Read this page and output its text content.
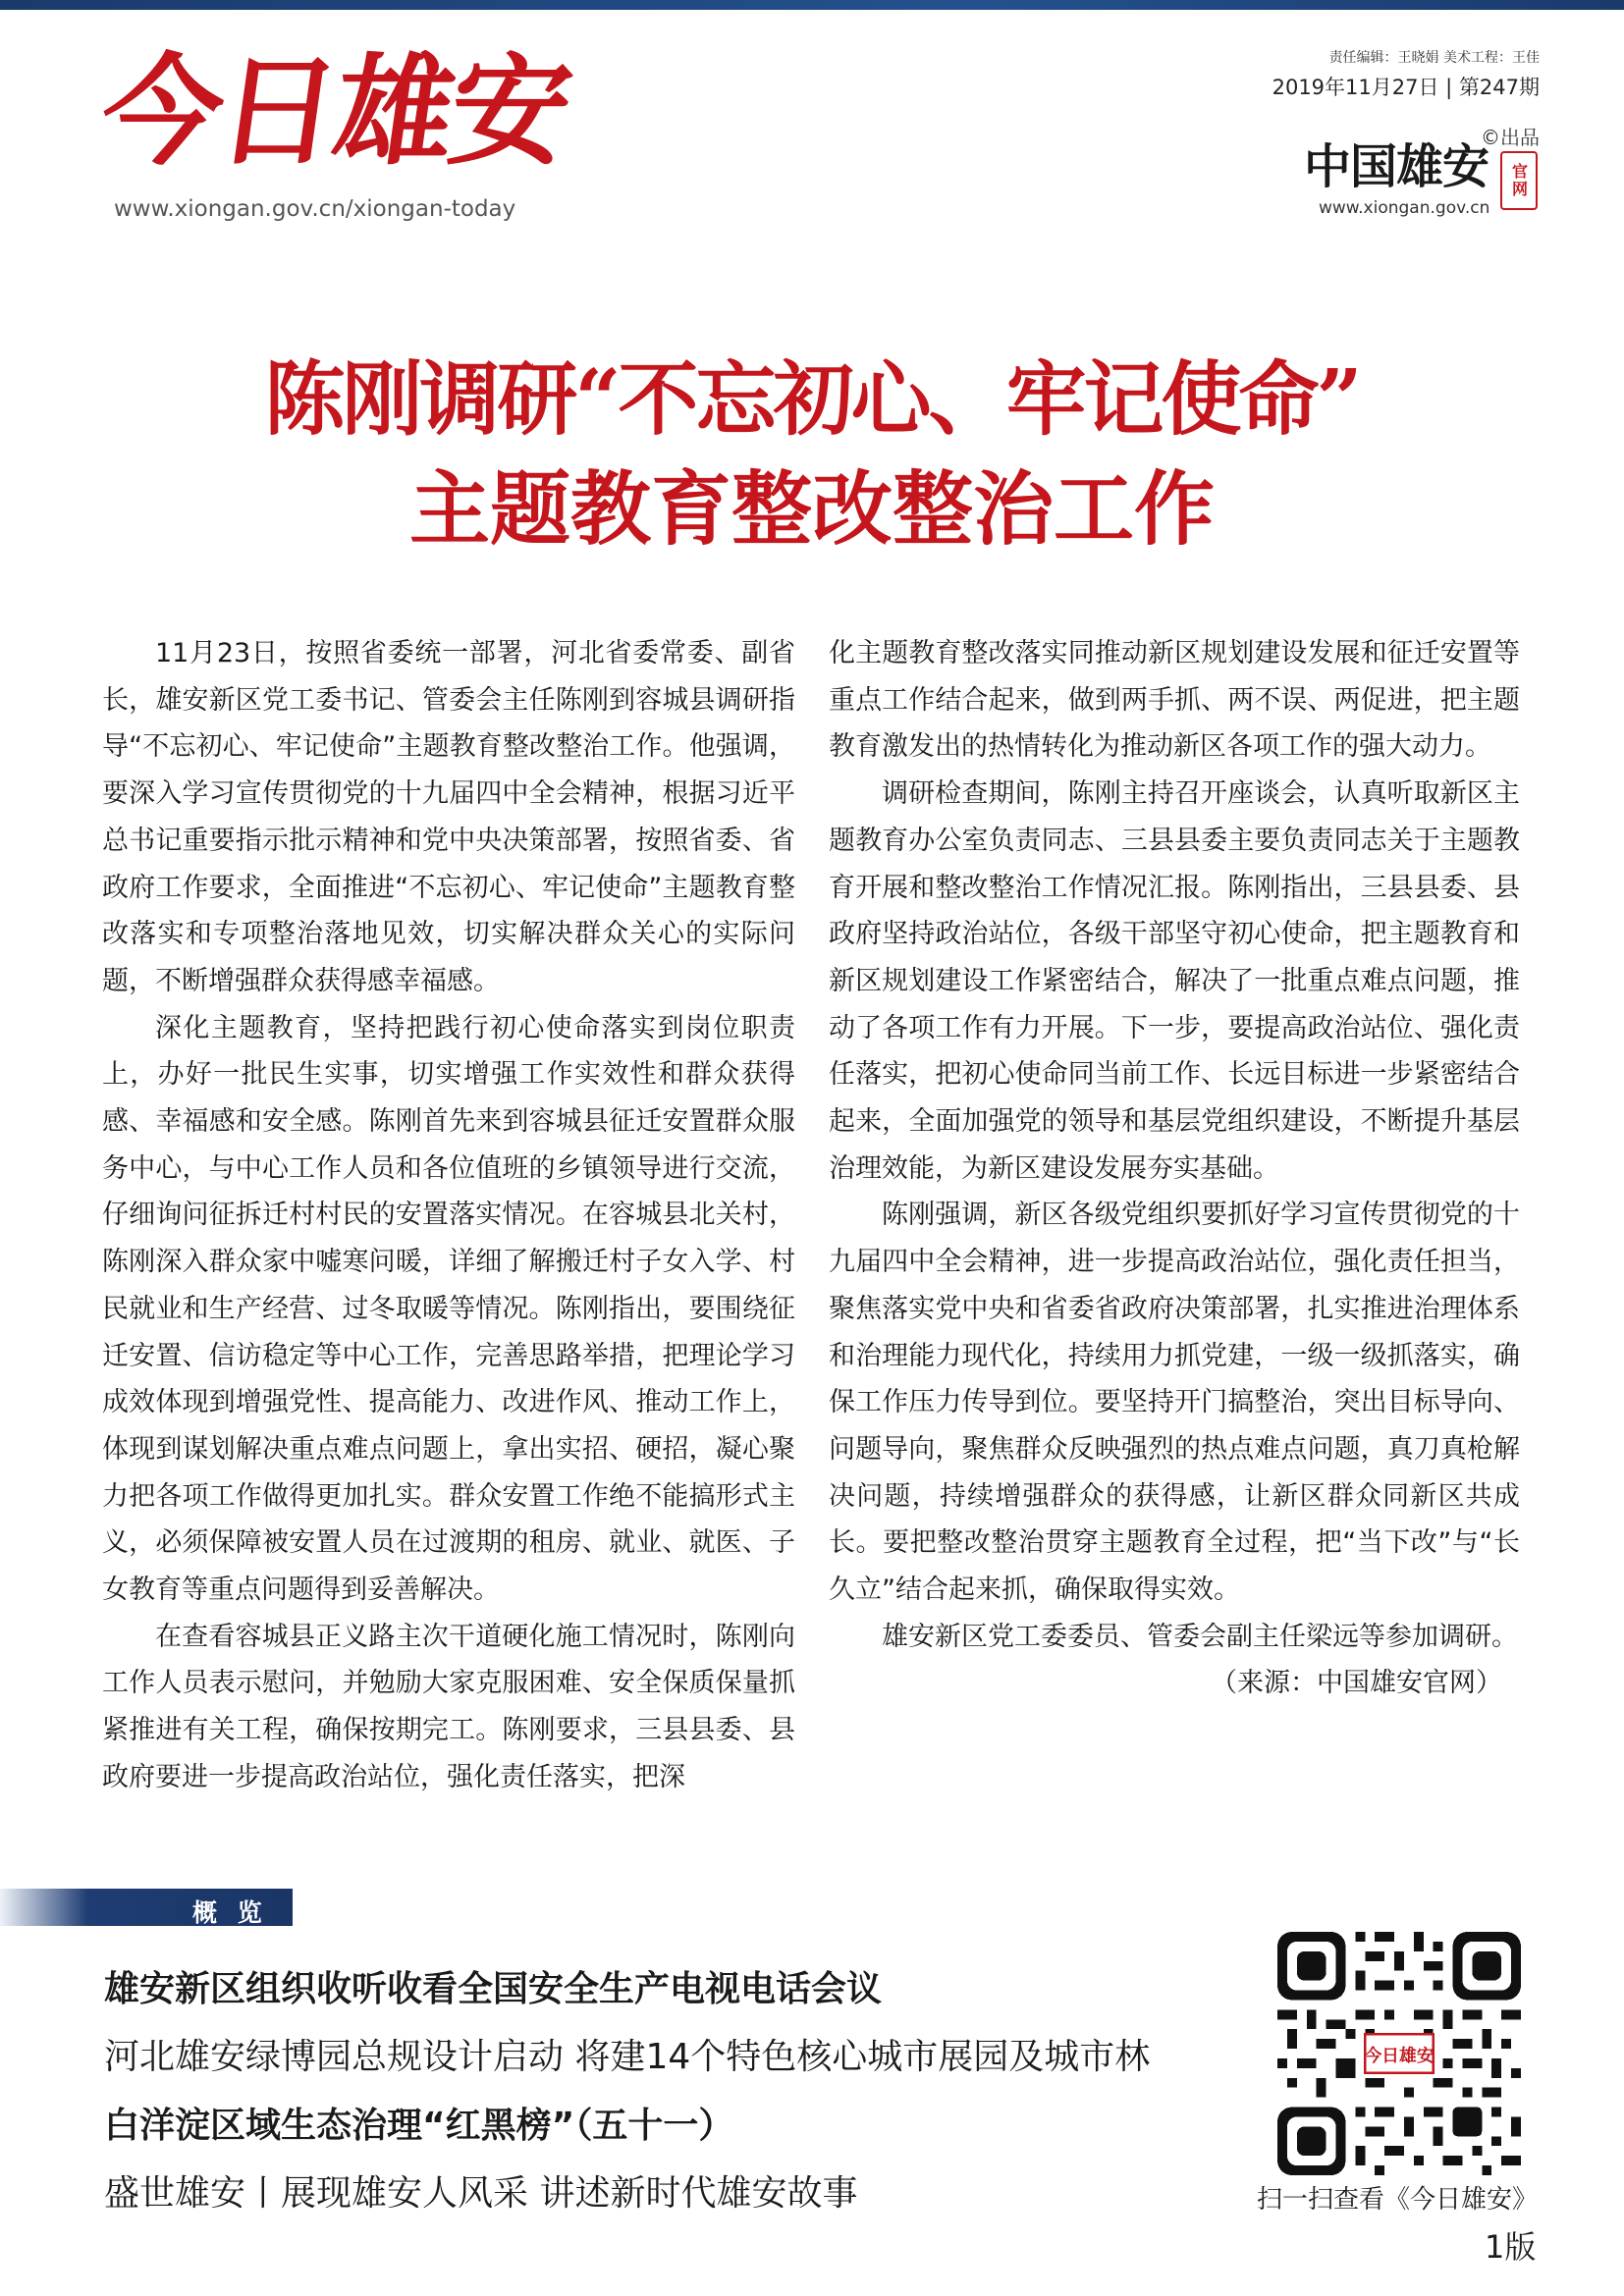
今日雄安
www.xiongan.gov.cn/xiongan-today
责任编辑：王晓娟 美术工程：王佳
2019年11月27日 | 第247期
©出品
中国雄安	官网
www.xiongan.gov.cn
陈刚调研“不忘初心、牢记使命”
主题教育整改整治工作

11月23日，按照省委统一部署，河北省委常委、副省长，雄安新区党工委书记、管委会主任陈刚到容城县调研指导“不忘初心、牢记使命”主题教育整改整治工作。他强调，要深入学习宣传贯彻党的十九届四中全会精神，根据习近平总书记重要指示批示精神和党中央决策部署，按照省委、省政府工作要求，全面推进“不忘初心、牢记使命”主题教育整改落实和专项整治落地见效，切实解决群众关心的实际问题，不断增强群众获得感幸福感。

深化主题教育，坚持把践行初心使命落实到岗位职责上，办好一批民生实事，切实增强工作实效性和群众获得感、幸福感和安全感。陈刚首先来到容城县征迁安置群众服务中心，与中心工作人员和各位值班的乡镇领导进行交流，仔细询问征拆迁村村民的安置落实情况。在容城县北关村，陈刚深入群众家中嘘寒问暖，详细了解搬迁村子女入学、村民就业和生产经营、过冬取暖等情况。陈刚指出，要围绕征迁安置、信访稳定等中心工作，完善思路举措，把理论学习成效体现到增强党性、提高能力、改进作风、推动工作上，体现到谋划解决重点难点问题上，拿出实招、硬招，凝心聚力把各项工作做得更加扎实。群众安置工作绝不能搞形式主义，必须保障被安置人员在过渡期的租房、就业、就医、子女教育等重点问题得到妥善解决。

在查看容城县正义路主次干道硬化施工情况时，陈刚向工作人员表示慰问，并勉励大家克服困难、安全保质保量抓紧推进有关工程，确保按期完工。陈刚要求，三县县委、县政府要进一步提高政治站位，强化责任落实，把深

化主题教育整改落实同推动新区规划建设发展和征迁安置等重点工作结合起来，做到两手抓、两不误、两促进，把主题教育激发出的热情转化为推动新区各项工作的强大动力。

调研检查期间，陈刚主持召开座谈会，认真听取新区主题教育办公室负责同志、三县县委主要负责同志关于主题教育开展和整改整治工作情况汇报。陈刚指出，三县县委、县政府坚持政治站位，各级干部坚守初心使命，把主题教育和新区规划建设工作紧密结合，解决了一批重点难点问题，推动了各项工作有力开展。下一步，要提高政治站位、强化责任落实，把初心使命同当前工作、长远目标进一步紧密结合起来，全面加强党的领导和基层党组织建设，不断提升基层治理效能，为新区建设发展夯实基础。

陈刚强调，新区各级党组织要抓好学习宣传贯彻党的十九届四中全会精神，进一步提高政治站位，强化责任担当，聚焦落实党中央和省委省政府决策部署，扎实推进治理体系和治理能力现代化，持续用力抓党建，一级一级抓落实，确保工作压力传导到位。要坚持开门搞整治，突出目标导向、问题导向，聚焦群众反映强烈的热点难点问题，真刀真枪解决问题，持续增强群众的获得感，让新区群众同新区共成长。要把整改整治贯穿主题教育全过程，把“当下改”与“长久立”结合起来抓，确保取得实效。

雄安新区党工委委员、管委会副主任梁远等参加调研。

（来源：中国雄安官网）

概 览
雄安新区组织收听收看全国安全生产电视电话会议
河北雄安绿博园总规设计启动 将建14个特色核心城市展园及城市林
白洋淀区域生态治理“红黑榜”（五十一）
盛世雄安丨展现雄安人风采 讲述新时代雄安故事
今日雄安
扫一扫查看《今日雄安》
1版
